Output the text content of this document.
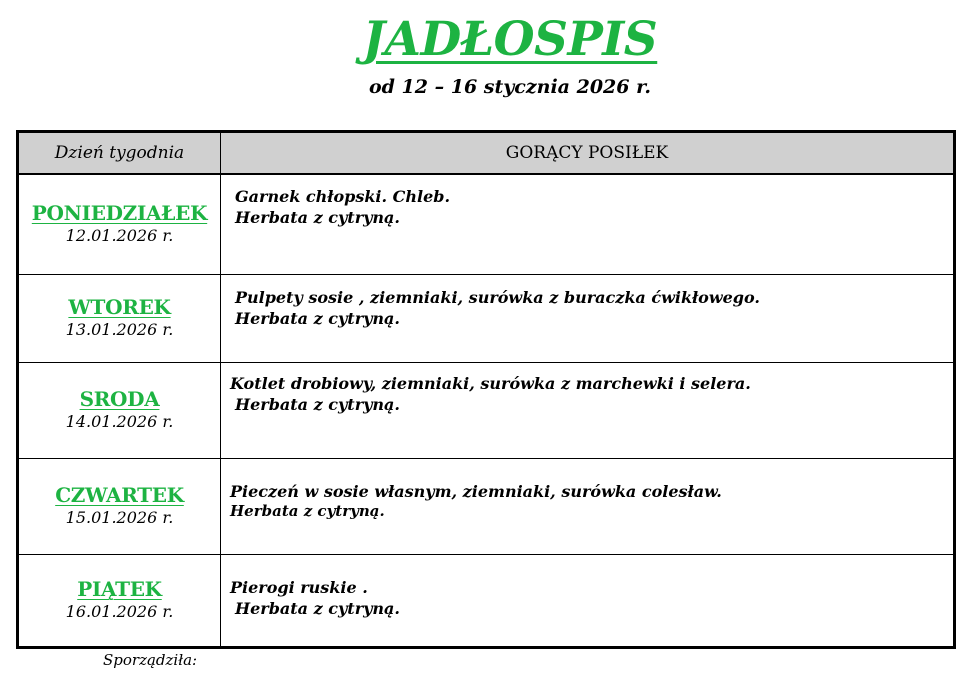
JADŁOSPIS
od 12 – 16 stycznia 2026 r.
Dzień tygodnia	GORĄCY POSIŁEK

PONIEDZIAŁEK
12.01.2026 r.	Garnek chłopski. Chleb.
Herbata z cytryną.

WTOREK
13.01.2026 r.	Pulpety sosie , ziemniaki, surówka z buraczka ćwikłowego.
Herbata z cytryną.

SRODA
14.01.2026 r.	Kotlet drobiowy, ziemniaki, surówka z marchewki i selera.
Herbata z cytryną.

CZWARTEK
15.01.2026 r.	Pieczeń w sosie własnym, ziemniaki, surówka colesław.
Herbata z cytryną.

PIĄTEK
16.01.2026 r.	Pierogi ruskie .
Herbata z cytryną.
Sporządziła:
